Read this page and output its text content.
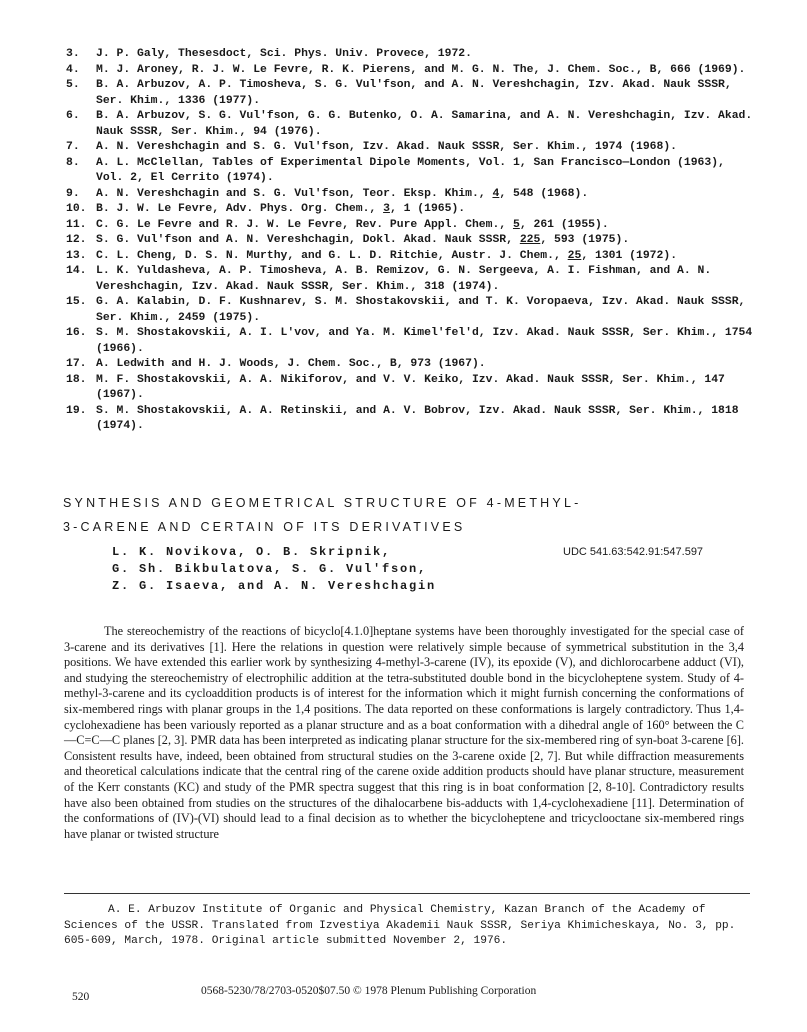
3.	J. P. Galy, Thesesdoct, Sci. Phys. Univ. Provece, 1972.
4.	M. J. Aroney, R. J. W. Le Fevre, R. K. Pierens, and M. G. N. The, J. Chem. Soc., B, 666 (1969).
5.	B. A. Arbuzov, A. P. Timosheva, S. G. Vul'fson, and A. N. Vereshchagin, Izv. Akad. Nauk SSSR,
Ser. Khim., 1336 (1977).
6.	B. A. Arbuzov, S. G. Vul'fson, G. G. Butenko, O. A. Samarina, and A. N. Vereshchagin, Izv. Akad.
Nauk SSSR, Ser. Khim., 94 (1976).
7.	A. N. Vereshchagin and S. G. Vul'fson, Izv. Akad. Nauk SSSR, Ser. Khim., 1974 (1968).
8.	A. L. McClellan, Tables of Experimental Dipole Moments, Vol. 1, San Francisco—London (1963),
Vol. 2, El Cerrito (1974).
9.	A. N. Vereshchagin and S. G. Vul'fson, Teor. Eksp. Khim., 4, 548 (1968).
10. B. J. W. Le Fevre, Adv. Phys. Org. Chem., 3, 1 (1965).
11. C. G. Le Fevre and R. J. W. Le Fevre, Rev. Pure Appl. Chem., 5, 261 (1955).
12. S. G. Vul'fson and A. N. Vereshchagin, Dokl. Akad. Nauk SSSR, 225, 593 (1975).
13. C. L. Cheng, D. S. N. Murthy, and G. L. D. Ritchie, Austr. J. Chem., 25, 1301 (1972).
14. L. K. Yuldasheva, A. P. Timosheva, A. B. Remizov, G. N. Sergeeva, A. I. Fishman, and A. N.
Vereshchagin, Izv. Akad. Nauk SSSR, Ser. Khim., 318 (1974).
15. G. A. Kalabin, D. F. Kushnarev, S. M. Shostakovskii, and T. K. Voropaeva, Izv. Akad. Nauk SSSR,
Ser. Khim., 2459 (1975).
16. S. M. Shostakovskii, A. I. L'vov, and Ya. M. Kimel'fel'd, Izv. Akad. Nauk SSSR, Ser. Khim., 1754
(1966).
17. A. Ledwith and H. J. Woods, J. Chem. Soc., B, 973 (1967).
18. M. F. Shostakovskii, A. A. Nikiforov, and V. V. Keiko, Izv. Akad. Nauk SSSR, Ser. Khim., 147
(1967).
19. S. M. Shostakovskii, A. A. Retinskii, and A. V. Bobrov, Izv. Akad. Nauk SSSR, Ser. Khim., 1818
(1974).
SYNTHESIS AND GEOMETRICAL STRUCTURE OF 4-METHYL-
3-CARENE AND CERTAIN OF ITS DERIVATIVES
L. K. Novikova, O. B. Skripnik,
G. Sh. Bikbulatova, S. G. Vul'fson,
Z. G. Isaeva, and A. N. Vereshchagin
UDC 541.63:542.91:547.597

The stereochemistry of the reactions of bicyclo[4.1.0]heptane systems have been thoroughly investigated for the special case of 3-carene and its derivatives [1]. Here the relations in question were relatively simple because of symmetrical substitution in the 3,4 positions. We have extended this earlier work by synthesizing 4-methyl-3-carene (IV), its epoxide (V), and dichlorocarbene adduct (VI), and studying the stereochemistry of electrophilic addition at the tetra-substituted double bond in the bicycloheptene system. Study of 4-methyl-3-carene and its cycloaddition products is of interest for the information which it might furnish concerning the conformations of six-membered rings with planar groups in the 1,4 positions. The data reported on these conformations is largely contradictory. Thus 1,4-cyclohexadiene has been variously reported as a planar structure and as a boat conformation with a dihedral angle of 160° between the C—C=C—C planes [2, 3]. PMR data has been interpreted as indicating planar structure for the six-membered ring of syn-boat 3-carene [6]. Consistent results have, indeed, been obtained from structural studies on the 3-carene oxide [2, 7]. But while diffraction measurements and theoretical calculations indicate that the central ring of the carene oxide addition products should have planar structure, measurement of the Kerr constants (KC) and study of the PMR spectra suggest that this ring is in boat conformation [2, 8-10]. Contradictory results have also been obtained from studies on the structures of the dihalocarbene bis-adducts with 1,4-cyclohexadiene [11]. Determination of the conformations of (IV)-(VI) should lead to a final decision as to whether the bicycloheptene and tricyclooctane six-membered rings have planar or twisted structure

A. E. Arbuzov Institute of Organic and Physical Chemistry, Kazan Branch of the Academy of Sciences of the USSR. Translated from Izvestiya Akademii Nauk SSSR, Seriya Khimicheskaya, No. 3, pp. 605-609, March, 1978. Original article submitted November 2, 1976.

520	0568-5230/78/2703-0520$07.50 © 1978 Plenum Publishing Corporation
